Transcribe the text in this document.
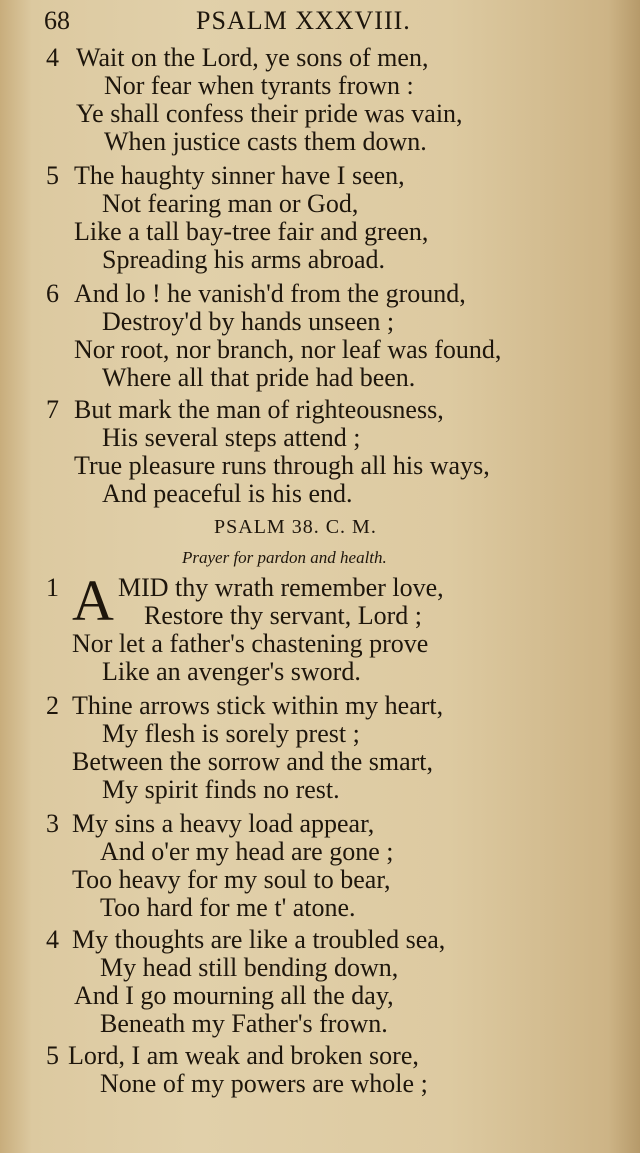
68	PSALM XXXVIII.
4 Wait on the Lord, ye sons of men,
Nor fear when tyrants frown :
Ye shall confess their pride was vain,
When justice casts them down.
5 The haughty sinner have I seen,
Not fearing man or God,
Like a tall bay-tree fair and green,
Spreading his arms abroad.
6 And lo ! he vanish'd from the ground,
Destroy'd by hands unseen ;
Nor root, nor branch, nor leaf was found,
Where all that pride had been.
7 But mark the man of righteousness,
His several steps attend ;
True pleasure runs through all his ways,
And peaceful is his end.
PSALM 38. C. M.
Prayer for pardon and health.
1 A MID thy wrath remember love,
Restore thy servant, Lord ;
Nor let a father's chastening prove
Like an avenger's sword.
2 Thine arrows stick within my heart,
My flesh is sorely prest ;
Between the sorrow and the smart,
My spirit finds no rest.
3 My sins a heavy load appear,
And o'er my head are gone ;
Too heavy for my soul to bear,
Too hard for me t' atone.
4 My thoughts are like a troubled sea,
My head still bending down,
And I go mourning all the day,
Beneath my Father's frown.
5 Lord, I am weak and broken sore,
None of my powers are whole ;
